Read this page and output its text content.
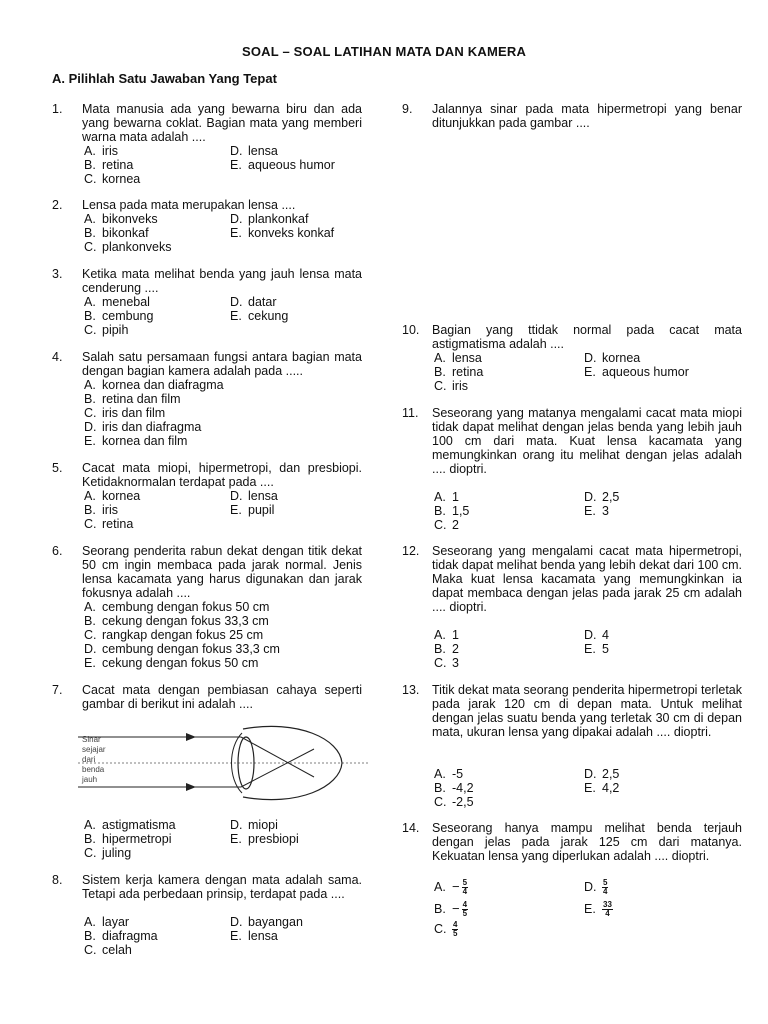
SOAL – SOAL LATIHAN MATA DAN KAMERA
A. Pilihlah Satu Jawaban Yang Tepat
1. Mata manusia ada yang bewarna biru dan ada yang bewarna coklat. Bagian mata yang memberi warna mata adalah ....
A. iris
B. retina
C. kornea
D. lensa
E. aqueous humor
2. Lensa pada mata merupakan lensa ....
A. bikonveks
B. bikonkaf
C. plankonveks
D. plankonkaf
E. konveks konkaf
3. Ketika mata melihat benda yang jauh lensa mata cenderung ....
A. menebal
B. cembung
C. pipih
D. datar
E. cekung
4. Salah satu persamaan fungsi antara bagian mata dengan bagian kamera adalah pada .....
A. kornea dan diafragma
B. retina dan film
C. iris dan film
D. iris dan diafragma
E. kornea dan film
5. Cacat mata miopi, hipermetropi, dan presbiopi. Ketidaknormalan terdapat pada ....
A. kornea
B. iris
C. retina
D. lensa
E. pupil
6. Seorang penderita rabun dekat dengan titik dekat 50 cm ingin membaca pada jarak normal. Jenis lensa kacamata yang harus digunakan dan jarak fokusnya adalah ....
A. cembung dengan fokus 50 cm
B. cekung dengan fokus 33,3 cm
C. rangkap dengan fokus 25 cm
D. cembung dengan fokus 33,3 cm
E. cekung dengan fokus 50 cm
7. Cacat mata dengan pembiasan cahaya seperti gambar di berikut ini adalah ....
Sinar
sejajar
dari
benda
jauh
A. astigmatisma
B. hipermetropi
C. juling
D. miopi
E. presbiopi
8. Sistem kerja kamera dengan mata adalah sama. Tetapi ada perbedaan prinsip, terdapat pada ....
A. layar
B. diafragma
C. celah
D. bayangan
E. lensa
9. Jalannya sinar pada mata hipermetropi yang benar ditunjukkan pada gambar ....
10. Bagian yang ttidak normal pada cacat mata astigmatisma adalah ....
A. lensa
B. retina
C. iris
D. kornea
E. aqueous humor
11. Seseorang yang matanya mengalami cacat mata miopi tidak dapat melihat dengan jelas benda yang lebih jauh 100 cm dari mata. Kuat lensa kacamata yang memungkinkan orang itu melihat dengan jelas adalah .... dioptri.
A. 1
B. 1,5
C. 2
D. 2,5
E. 3
12. Seseorang yang mengalami cacat mata hipermetropi, tidak dapat melihat benda yang lebih dekat dari 100 cm. Maka kuat lensa kacamata yang memungkinkan ia dapat membaca dengan jelas pada jarak 25 cm adalah .... dioptri.
A. 1
B. 2
C. 3
D. 4
E. 5
13. Titik dekat mata seorang penderita hipermetropi terletak pada jarak 120 cm di depan mata. Untuk melihat dengan jelas suatu benda yang terletak 30 cm di depan mata, ukuran lensa yang dipakai adalah .... dioptri.
A. -5
B. -4,2
C. -2,5
D. 2,5
E. 4,2
14. Seseorang hanya mampu melihat benda terjauh dengan jelas pada jarak 125 cm dari matanya. Kekuatan lensa yang diperlukan adalah .... dioptri.
A. − $\frac{5}{4}$
B. − $\frac{4}{5}$
C. $\frac{4}{5}$
D. $\frac{5}{4}$
E. $\frac{33}{4}$
